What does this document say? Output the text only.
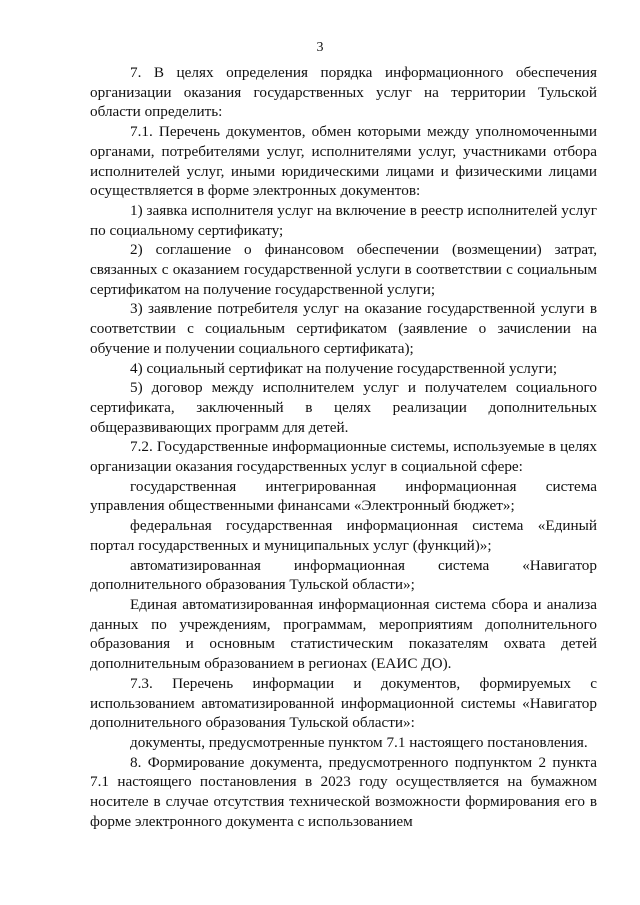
3

7. В целях определения порядка информационного обеспечения организации оказания государственных услуг на территории Тульской области определить:

7.1. Перечень документов, обмен которыми между уполномоченными органами, потребителями услуг, исполнителями услуг, участниками отбора исполнителей услуг, иными юридическими лицами и физическими лицами осуществляется в форме электронных документов:

1) заявка исполнителя услуг на включение в реестр исполнителей услуг по социальному сертификату;

2) соглашение о финансовом обеспечении (возмещении) затрат, связанных с оказанием государственной услуги в соответствии с социальным сертификатом на получение государственной услуги;

3) заявление потребителя услуг на оказание государственной услуги в соответствии с социальным сертификатом (заявление о зачислении на обучение и получении социального сертификата);

4) социальный сертификат на получение государственной услуги;

5) договор между исполнителем услуг и получателем социального сертификата, заключенный в целях реализации дополнительных общеразвивающих программ для детей.

7.2. Государственные информационные системы, используемые в целях организации оказания государственных услуг в социальной сфере:

государственная интегрированная информационная система управления общественными финансами «Электронный бюджет»;

федеральная государственная информационная система «Единый портал государственных и муниципальных услуг (функций)»;

автоматизированная информационная система «Навигатор дополнительного образования Тульской области»;

Единая автоматизированная информационная система сбора и анализа данных по учреждениям, программам, мероприятиям дополнительного образования и основным статистическим показателям охвата детей дополнительным образованием в регионах (ЕАИС ДО).

7.3. Перечень информации и документов, формируемых с использованием автоматизированной информационной системы «Навигатор дополнительного образования Тульской области»:

документы, предусмотренные пунктом 7.1 настоящего постановления.

8. Формирование документа, предусмотренного подпунктом 2 пункта 7.1 настоящего постановления в 2023 году осуществляется на бумажном носителе в случае отсутствия технической возможности формирования его в форме электронного документа с использованием
